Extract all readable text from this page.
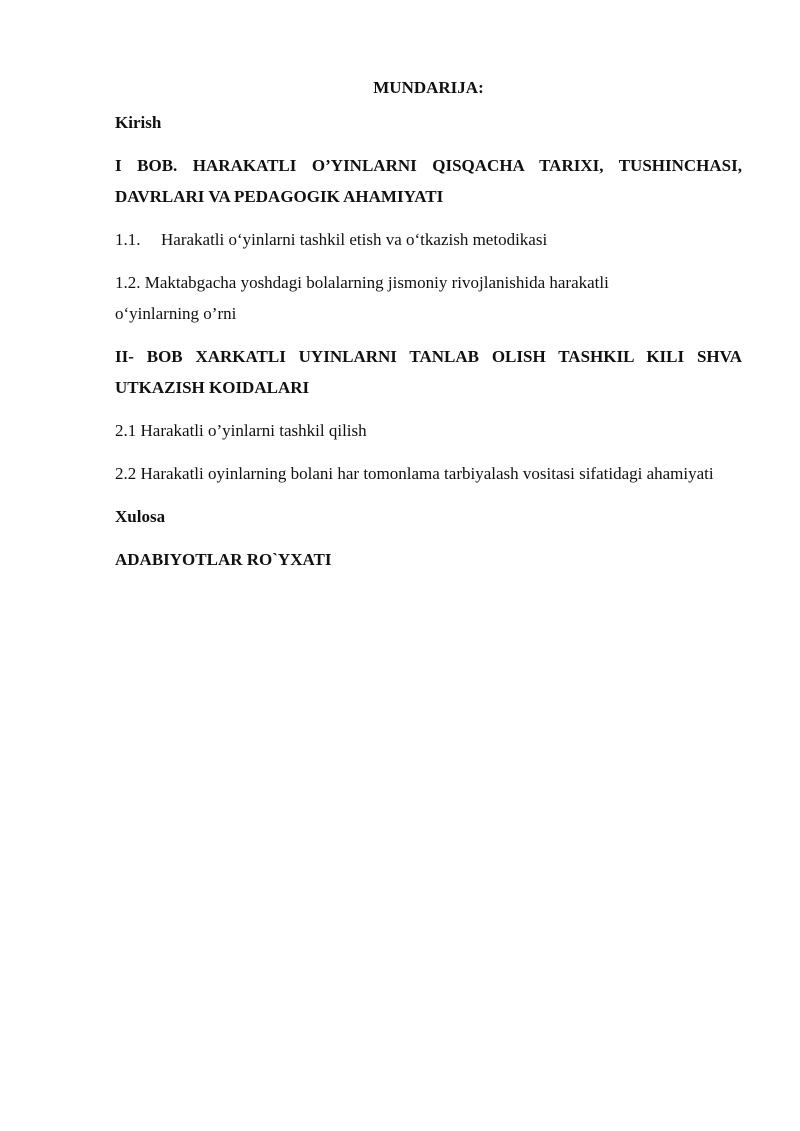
MUNDARIJA:
Kirish
I BOB. HARAKATLI O’YINLARNI QISQACHA TARIXI, TUSHINCHASI, DAVRLARI VA PEDAGOGIK AHAMIYATI
1.1. Harakatli o‘yinlarni tashkil etish va o‘tkazish metodikasi
1.2. Maktabgacha yoshdagi bolalarning jismoniy rivojlanishida harakatli o‘yinlarning o’rni
II- BOB XARKATLI UYINLARNI TANLAB OLISH TASHKIL KILI SHVA UTKAZISH KOIDALARI
2.1 Harakatli o’yinlarni tashkil qilish
2.2 Harakatli oyinlarning bolani har tomonlama tarbiyalash vositasi sifatidagi ahamiyati
Xulosa
ADABIYOTLAR RO`YXATI
